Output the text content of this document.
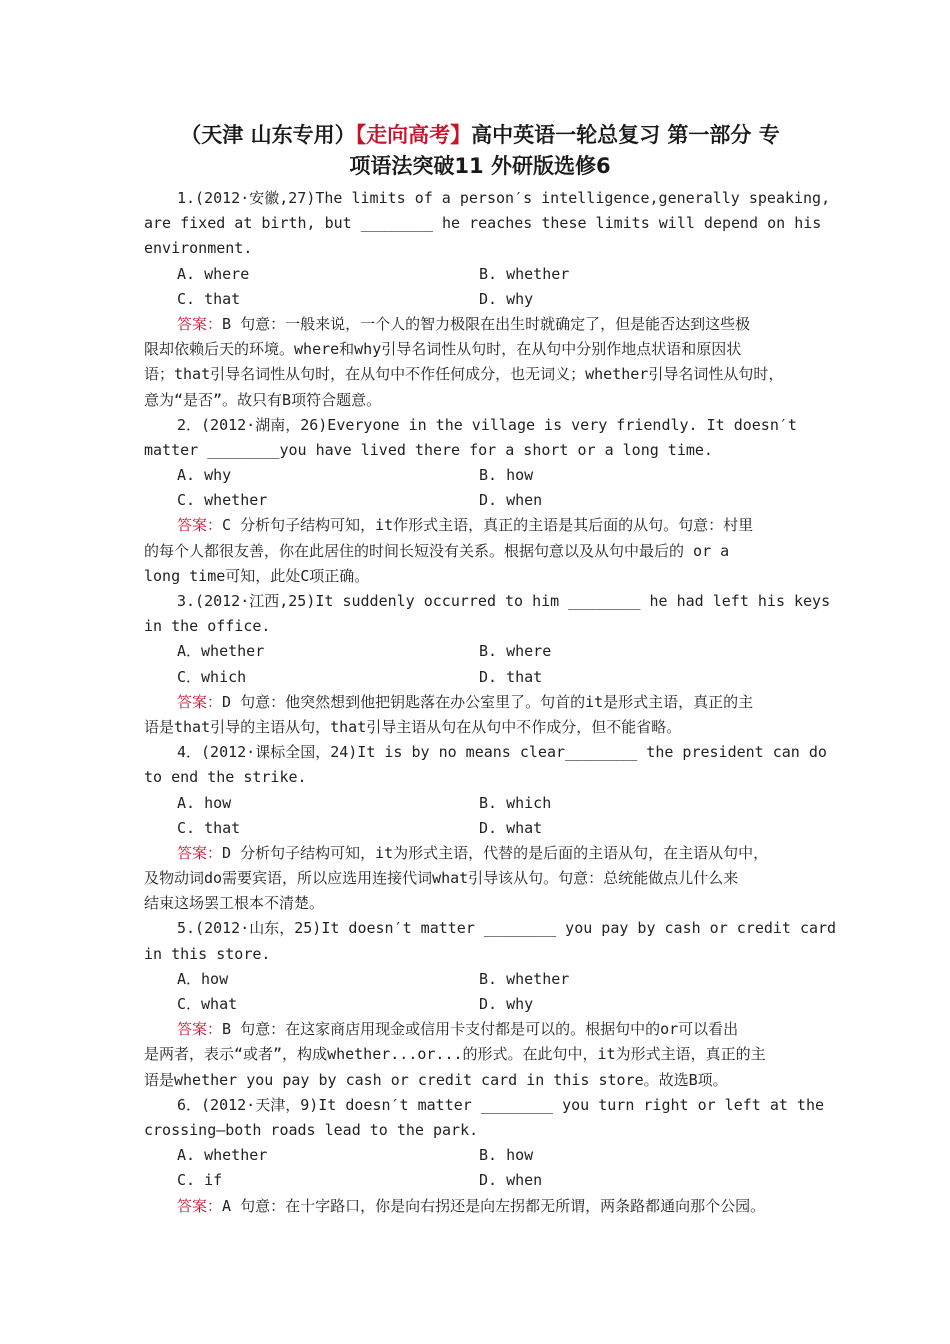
（天津 山东专用）【走向高考】高中英语一轮总复习 第一部分 专
项语法突破11 外研版选修6
1.(2012·安徽,27)The limits of a person′s intelligence,generally speaking,
are fixed at birth, but ________ he reaches these limits will depend on his
environment.
A. where	B. whether
C. that	D. why
答案：B 句意：一般来说，一个人的智力极限在出生时就确定了，但是能否达到这些极
限却依赖后天的环境。where和why引导名词性从句时，在从句中分别作地点状语和原因状
语；that引导名词性从句时，在从句中不作任何成分，也无词义；whether引导名词性从句时，
意为“是否”。故只有B项符合题意。
2．(2012·湖南，26)Everyone in the village is very friendly. It doesn′t
matter ________you have lived there for a short or a long time.
A. why	B. how
C. whether	D. when
答案：C 分析句子结构可知，it作形式主语，真正的主语是其后面的从句。句意：村里
的每个人都很友善，你在此居住的时间长短没有关系。根据句意以及从句中最后的 or a
long time可知，此处C项正确。
3.(2012·江西,25)It suddenly occurred to him ________ he had left his keys
in the office.
A．whether	B. where
C．which	D. that
答案：D 句意：他突然想到他把钥匙落在办公室里了。句首的it是形式主语，真正的主
语是that引导的主语从句，that引导主语从句在从句中不作成分，但不能省略。
4．(2012·课标全国，24)It is by no means clear________ the president can do
to end the strike.
A. how	B. which
C. that	D. what
答案：D 分析句子结构可知，it为形式主语，代替的是后面的主语从句，在主语从句中，
及物动词do需要宾语，所以应选用连接代词what引导该从句。句意：总统能做点儿什么来
结束这场罢工根本不清楚。
5.(2012·山东，25)It doesn′t matter ________ you pay by cash or credit card
in this store.
A．how	B. whether
C．what	D. why
答案：B 句意：在这家商店用现金或信用卡支付都是可以的。根据句中的or可以看出
是两者，表示“或者”，构成whether...or...的形式。在此句中，it为形式主语，真正的主
语是whether you pay by cash or credit card in this store。故选B项。
6．(2012·天津，9)It doesn′t matter ________ you turn right or left at the
crossing—both roads lead to the park.
A. whether	B. how
C. if	D. when
答案：A 句意：在十字路口，你是向右拐还是向左拐都无所谓，两条路都通向那个公园。
